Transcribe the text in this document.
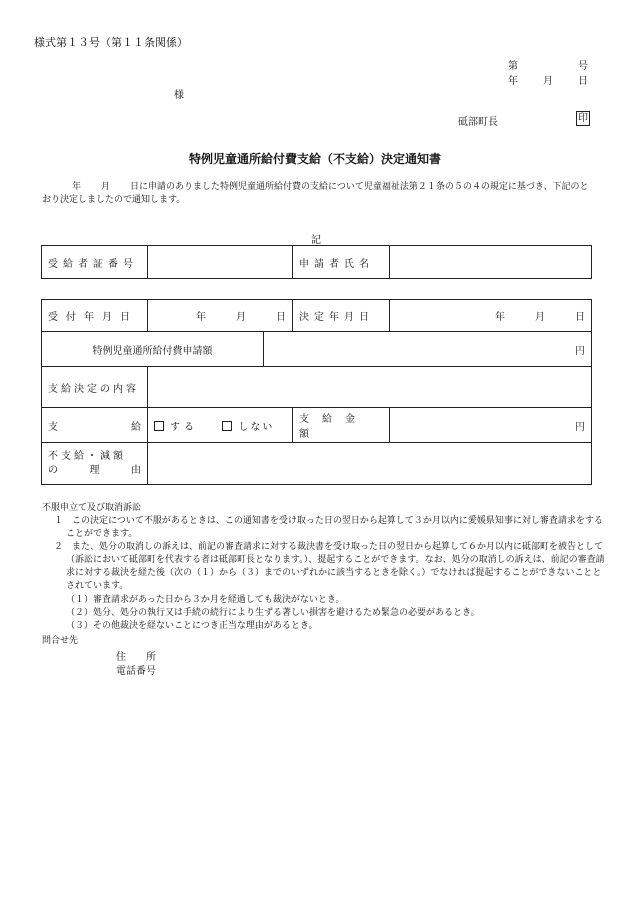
様式第１３号（第１１条関係）
第	号
年	月	日
様
砥部町長	印
特例児童通所給付費支給（不支給）決定通知書
年 月 日に申請のありました特例児童通所給付費の支給について児童福祉法第２１条の５の４の規定に基づき、下記のとおり決定しましたので通知します。
記
受給者証番号		申請者氏名	
受付年月日	年 月 日		決定年月日	年 月 日

特例児童通所給付費申請額		円		
支給決定の内容				

支 給	する しない		支給金額	円

不支給・減額
の 理 由				

不服申立て及び取消訴訟
１　この決定について不服があるときは、この通知書を受け取った日の翌日から起算して３か月以内に愛媛県知事に対し審査請求をすることができます。
２　また、処分の取消しの訴えは、前記の審査請求に対する裁決書を受け取った日の翌日から起算して６か月以内に砥部町を被告として（訴訟において砥部町を代表する者は砥部町長となります。）、提起することができます。なお、処分の取消しの訴えは、前記の審査請求に対する裁決を経た後（次の（１）から（３）までのいずれかに該当するときを除く。）でなければ提起することができないこととされています。
（１）審査請求があった日から３か月を経過しても裁決がないとき。
（２）処分、処分の執行又は手続の続行により生ずる著しい損害を避けるため緊急の必要があるとき。
（３）その他裁決を経ないことにつき正当な理由があるとき。
問合せ先
住　　所
電話番号
